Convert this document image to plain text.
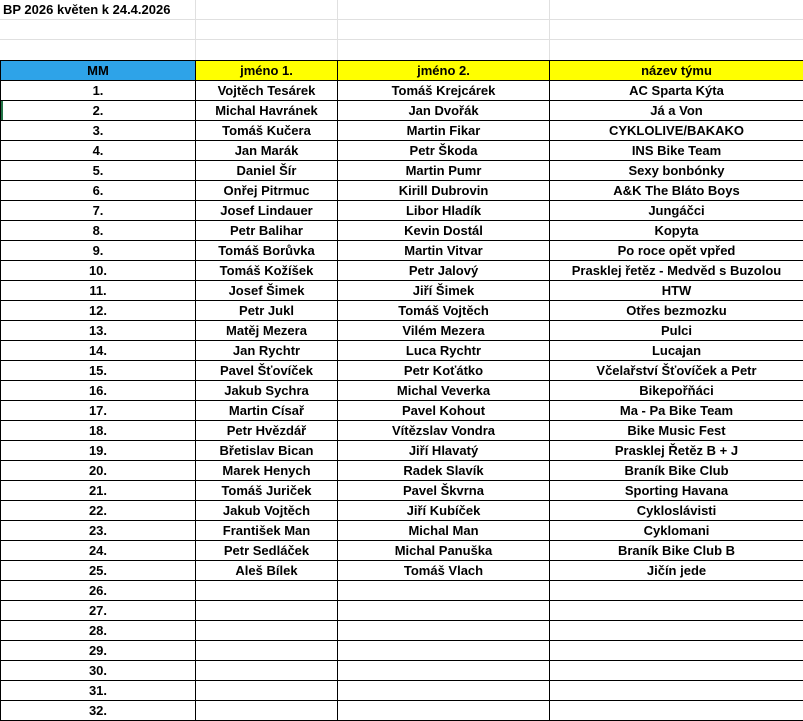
BP 2026 květen k 24.4.2026
MM	jméno 1.	jméno 2.	název týmu
1.	Vojtěch Tesárek	Tomáš Krejcárek	AC Sparta Kýta
2.	Michal Havránek	Jan Dvořák	Já a Von
3.	Tomáš Kučera	Martin Fikar	CYKLOLIVE/BAKAKO
4.	Jan Marák	Petr Škoda	INS Bike Team
5.	Daniel Šír	Martin Pumr	Sexy bonbónky
6.	Onřej Pitrmuc	Kirill Dubrovin	A&K The Bláto Boys
7.	Josef Lindauer	Libor Hladík	Jungáčci
8.	Petr Balihar	Kevin Dostál	Kopyta
9.	Tomáš Borůvka	Martin Vitvar	Po roce opět vpřed
10.	Tomáš Kožíšek	Petr Jalový	Prasklej řetěz - Medvěd s Buzolou
11.	Josef Šimek	Jiří Šimek	HTW
12.	Petr Jukl	Tomáš Vojtěch	Otřes bezmozku
13.	Matěj Mezera	Vilém Mezera	Pulci
14.	Jan Rychtr	Luca Rychtr	Lucajan
15.	Pavel Šťovíček	Petr Koťátko	Včelařství Šťovíček a Petr
16.	Jakub Sychra	Michal Veverka	Bikepořňáci
17.	Martin Císař	Pavel Kohout	Ma - Pa Bike Team
18.	Petr Hvězdář	Vítězslav Vondra	Bike Music Fest
19.	Břetislav Bican	Jiří Hlavatý	Prasklej Řetěz B + J
20.	Marek Henych	Radek Slavík	Braník Bike Club
21.	Tomáš Juriček	Pavel Škvrna	Sporting Havana
22.	Jakub Vojtěch	Jiří Kubíček	Cykloslávisti
23.	František Man	Michal Man	Cyklomani
24.	Petr Sedláček	Michal Panuška	Braník Bike Club B
25.	Aleš Bílek	Tomáš Vlach	Jičín jede
26.			
27.			
28.			
29.			
30.			
31.			
32.			
